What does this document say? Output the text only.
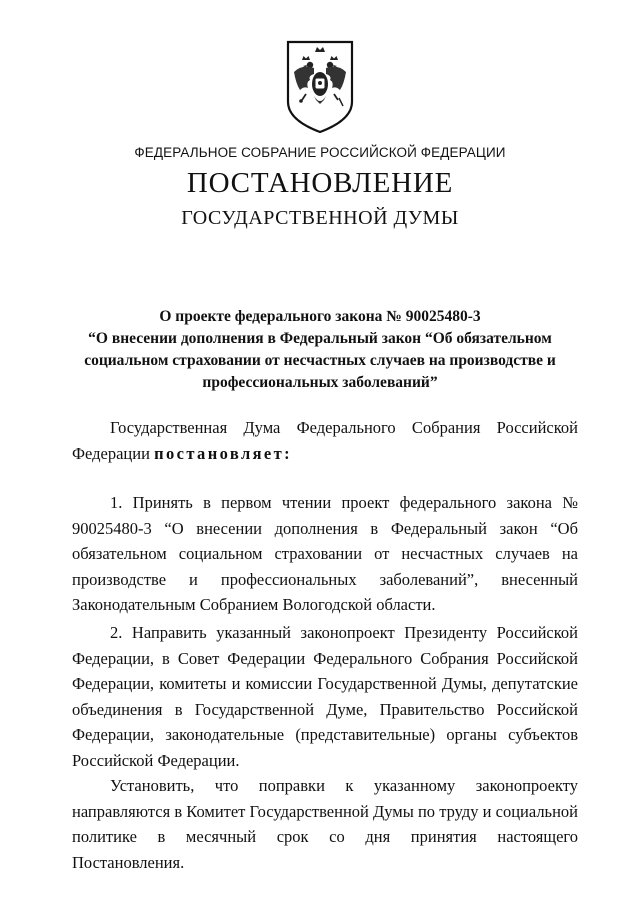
ФЕДЕРАЛЬНОЕ СОБРАНИЕ РОССИЙСКОЙ ФЕДЕРАЦИИ

ПОСТАНОВЛЕНИЕ

ГОСУДАРСТВЕННОЙ ДУМЫ

О проекте федерального закона № 90025480-3
“О внесении дополнения в Федеральный закон “Об обязательном
социальном страховании от несчастных случаев на производстве и
профессиональных заболеваний”

Государственная Дума Федерального Собрания Российской Федерации постановляет:

1. Принять в первом чтении проект федерального закона № 90025480-3 “О внесении дополнения в Федеральный закон “Об обязательном социальном страховании от несчастных случаев на производстве и профессиональных заболеваний”, внесенный Законодательным Собранием Вологодской области.

2. Направить указанный законопроект Президенту Российской Федерации, в Совет Федерации Федерального Собрания Российской Федерации, комитеты и комиссии Государственной Думы, депутатские объединения в Государственной Думе, Правительство Российской Федерации, законодательные (представительные) органы субъектов Российской Федерации.

Установить, что поправки к указанному законопроекту направляются в Комитет Государственной Думы по труду и социальной политике в месячный срок со дня принятия настоящего Постановления.
